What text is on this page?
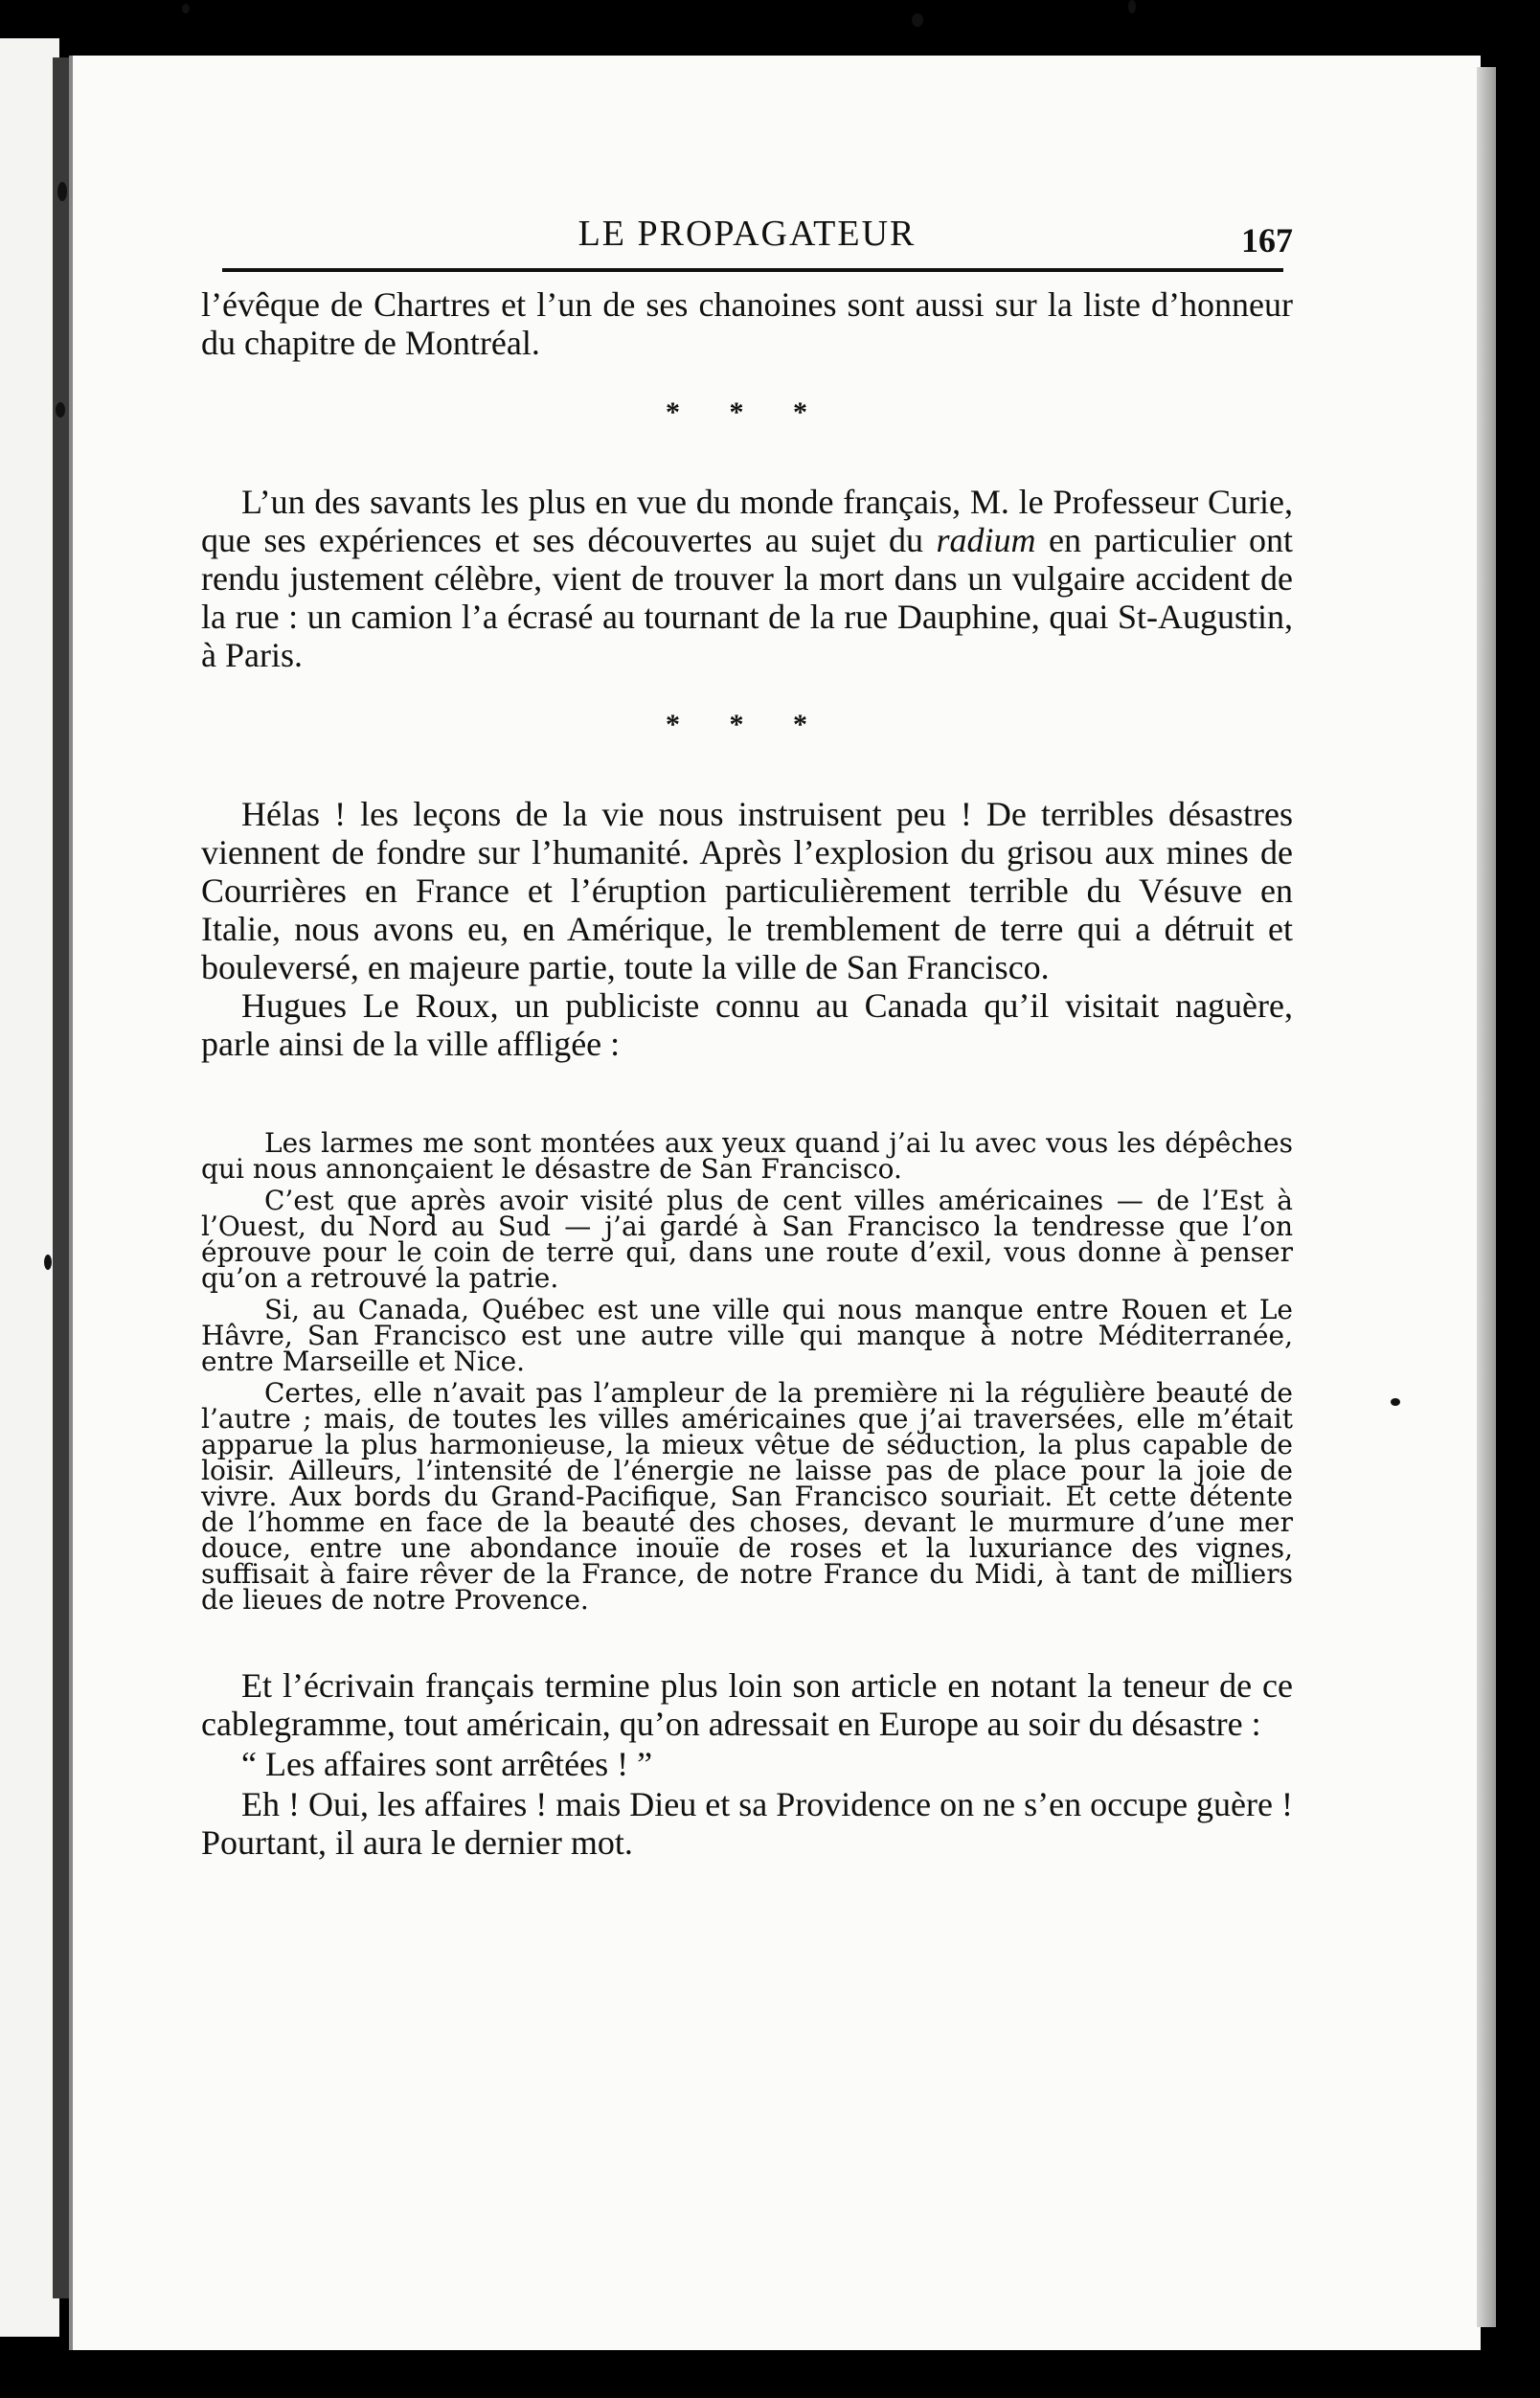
LE PROPAGATEUR	167

l’évêque de Chartres et l’un de ses chanoines sont aussi sur la liste d’honneur du chapitre de Montréal.

* * *

L’un des savants les plus en vue du monde français, M. le Professeur Curie, que ses expériences et ses découvertes au sujet du radium en particulier ont rendu justement célèbre, vient de trouver la mort dans un vulgaire accident de la rue : un camion l’a écrasé au tournant de la rue Dauphine, quai St-Augustin, à Paris.

* * *

Hélas ! les leçons de la vie nous instruisent peu ! De terribles désastres viennent de fondre sur l’humanité. Après l’explosion du grisou aux mines de Courrières en France et l’éruption particulièrement terrible du Vésuve en Italie, nous avons eu, en Amérique, le tremblement de terre qui a détruit et bouleversé, en majeure partie, toute la ville de San Francisco.

Hugues Le Roux, un publiciste connu au Canada qu’il visitait naguère, parle ainsi de la ville affligée :

Les larmes me sont montées aux yeux quand j’ai lu avec vous les dépêches qui nous annonçaient le désastre de San Francisco.

C’est que après avoir visité plus de cent villes américaines — de l’Est à l’Ouest, du Nord au Sud — j’ai gardé à San Francisco la tendresse que l’on éprouve pour le coin de terre qui, dans une route d’exil, vous donne à penser qu’on a retrouvé la patrie.

Si, au Canada, Québec est une ville qui nous manque entre Rouen et Le Hâvre, San Francisco est une autre ville qui manque à notre Méditerranée, entre Marseille et Nice.

Certes, elle n’avait pas l’ampleur de la première ni la régulière beauté de l’autre ; mais, de toutes les villes américaines que j’ai traversées, elle m’était apparue la plus harmonieuse, la mieux vêtue de séduction, la plus capable de loisir. Ailleurs, l’intensité de l’énergie ne laisse pas de place pour la joie de vivre. Aux bords du Grand-Pacifique, San Francisco souriait. Et cette détente de l’homme en face de la beauté des choses, devant le murmure d’une mer douce, entre une abondance inouïe de roses et la luxuriance des vignes, suffisait à faire rêver de la France, de notre France du Midi, à tant de milliers de lieues de notre Provence.

Et l’écrivain français termine plus loin son article en notant la teneur de ce cablegramme, tout américain, qu’on adressait en Europe au soir du désastre :

“ Les affaires sont arrêtées ! ”

Eh ! Oui, les affaires ! mais Dieu et sa Providence on ne s’en occupe guère ! Pourtant, il aura le dernier mot.
